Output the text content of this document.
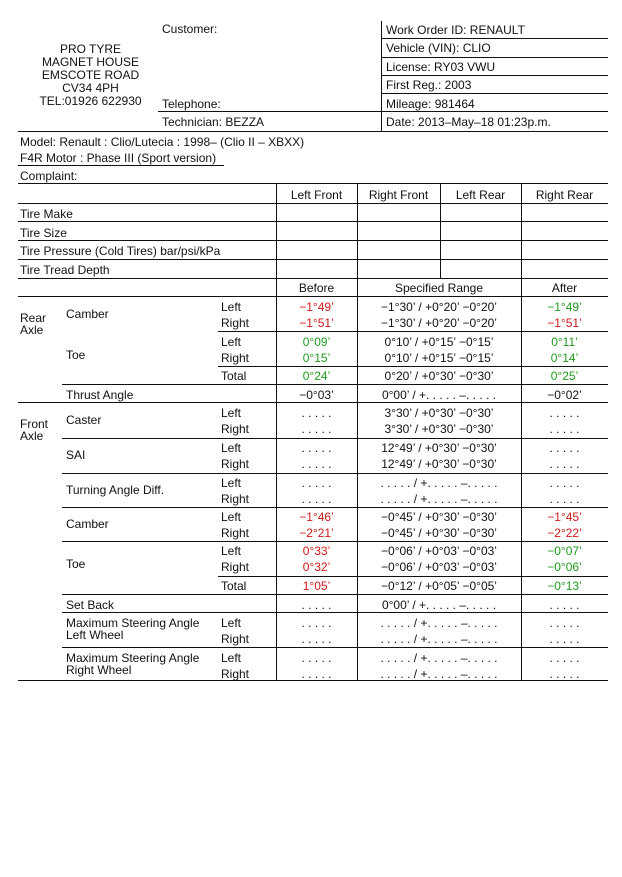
PRO TYRE
MAGNET HOUSE
EMSCOTE ROAD
CV34 4PH
TEL:01926 622930
Customer:
Telephone:
Technician: BEZZA
Work Order ID: RENAULT
Vehicle (VIN): CLIO
License: RY03 VWU
First Reg.: 2003
Mileage: 981464
Date: 2013–May–18 01:23p.m.
Model: Renault : Clio/Lutecia : 1998– (Clio II – XBXX)
F4R Motor : Phase III (Sport version)
Complaint:
Left Front	Right Front	Left Rear	Right Rear
Tire Make
Tire Size
Tire Pressure (Cold Tires) bar/psi/kPa
Tire Tread Depth
Before	Specified Range	After
Rear
Axle
Camber	Left	−1°49’	−1°30’ / +0°20’ −0°20’	−1°49’
Right	−1°51’	−1°30’ / +0°20’ −0°20’	−1°51’
Toe
Left	0°09’	0°10’ / +0°15’ −0°15’	0°11’
Right	0°15’	0°10’ / +0°15’ −0°15’	0°14’
Total	0°24’	0°20’ / +0°30’ −0°30’	0°25’
Thrust Angle	−0°03’	0°00’ / +. . . . . –. . . . .	−0°02’
Front
Axle
Caster	Left	. . . . .	3°30’ / +0°30’ −0°30’	. . . . .
Right	. . . . .	3°30’ / +0°30’ −0°30’	. . . . .
SAI	Left	. . . . .	12°49’ / +0°30’ −0°30’	. . . . .
Right	. . . . .	12°49’ / +0°30’ −0°30’	. . . . .
Turning Angle Diff.	Left	. . . . .	. . . . . / +. . . . . –. . . . .	. . . . .
Right	. . . . .	. . . . . / +. . . . . –. . . . .	. . . . .
Camber	Left	−1°46’	−0°45’ / +0°30’ −0°30’	−1°45’
Right	−2°21’	−0°45’ / +0°30’ −0°30’	−2°22’
Toe
Left	0°33’	−0°06’ / +0°03’ −0°03’	−0°07’
Right	0°32’	−0°06’ / +0°03’ −0°03’	−0°06’
Total	1°05’	−0°12’ / +0°05’ −0°05’	−0°13’
Set Back	. . . . .	0°00’ / +. . . . . –. . . . .	. . . . .
Maximum Steering Angle
Left Wheel
Left	. . . . .	. . . . . / +. . . . . –. . . . .	. . . . .
Right	. . . . .	. . . . . / +. . . . . –. . . . .	. . . . .
Maximum Steering Angle
Right Wheel
Left	. . . . .	. . . . . / +. . . . . –. . . . .	. . . . .
Right	. . . . .	. . . . . / +. . . . . –. . . . .	. . . . .
